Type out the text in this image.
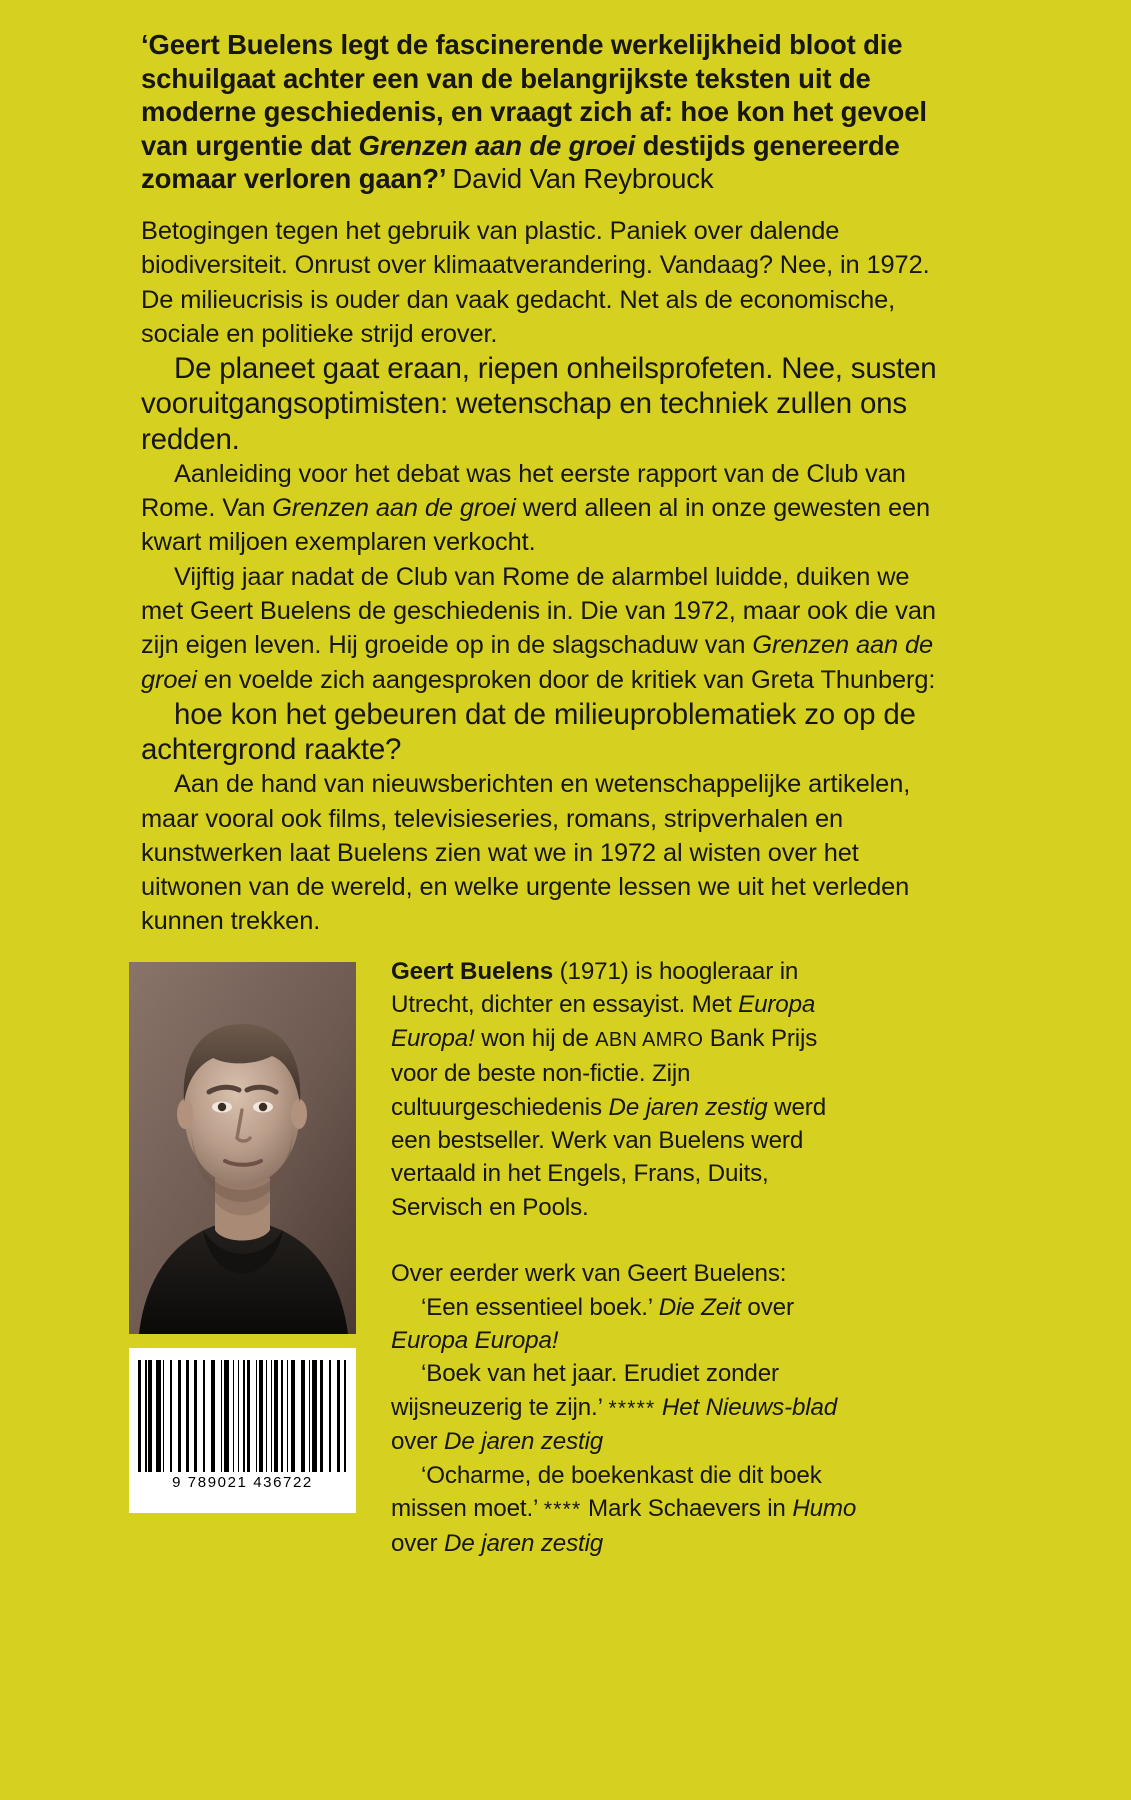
‘Geert Buelens legt de fascinerende werkelijkheid bloot die schuilgaat achter een van de belangrijkste teksten uit de moderne geschiedenis, en vraagt zich af: hoe kon het gevoel van urgentie dat Grenzen aan de groei destijds genereerde zomaar verloren gaan?’ David Van Reybrouck

Betogingen tegen het gebruik van plastic. Paniek over dalende biodiversiteit. Onrust over klimaatverandering. Vandaag? Nee, in 1972. De milieucrisis is ouder dan vaak gedacht. Net als de economische, sociale en politieke strijd erover.

De planeet gaat eraan, riepen onheilsprofeten. Nee, susten vooruitgangsoptimisten: wetenschap en techniek zullen ons redden.

Aanleiding voor het debat was het eerste rapport van de Club van Rome. Van Grenzen aan de groei werd alleen al in onze gewesten een kwart miljoen exemplaren verkocht.

Vijftig jaar nadat de Club van Rome de alarmbel luidde, duiken we met Geert Buelens de geschiedenis in. Die van 1972, maar ook die van zijn eigen leven. Hij groeide op in de slagschaduw van Grenzen aan de groei en voelde zich aangesproken door de kritiek van Greta Thunberg:

hoe kon het gebeuren dat de milieuproblematiek zo op de achtergrond raakte?

Aan de hand van nieuwsberichten en wetenschappelijke artikelen, maar vooral ook films, televisieseries, romans, stripverhalen en kunstwerken laat Buelens zien wat we in 1972 al wisten over het uitwonen van de wereld, en welke urgente lessen we uit het verleden kunnen trekken.

9 789021 436722

Geert Buelens (1971) is hoogleraar in Utrecht, dichter en essayist. Met Europa Europa! won hij de ABN AMRO Bank Prijs voor de beste non-fictie. Zijn cultuurgeschiedenis De jaren zestig werd een bestseller. Werk van Buelens werd vertaald in het Engels, Frans, Duits, Servisch en Pools.

Over eerder werk van Geert Buelens:

‘Een essentieel boek.’ Die Zeit over Europa Europa!

‘Boek van het jaar. Erudiet zonder wijsneuzerig te zijn.’ ***** Het Nieuws-blad over De jaren zestig

‘Ocharme, de boekenkast die dit boek missen moet.’ **** Mark Schaevers in Humo over De jaren zestig
